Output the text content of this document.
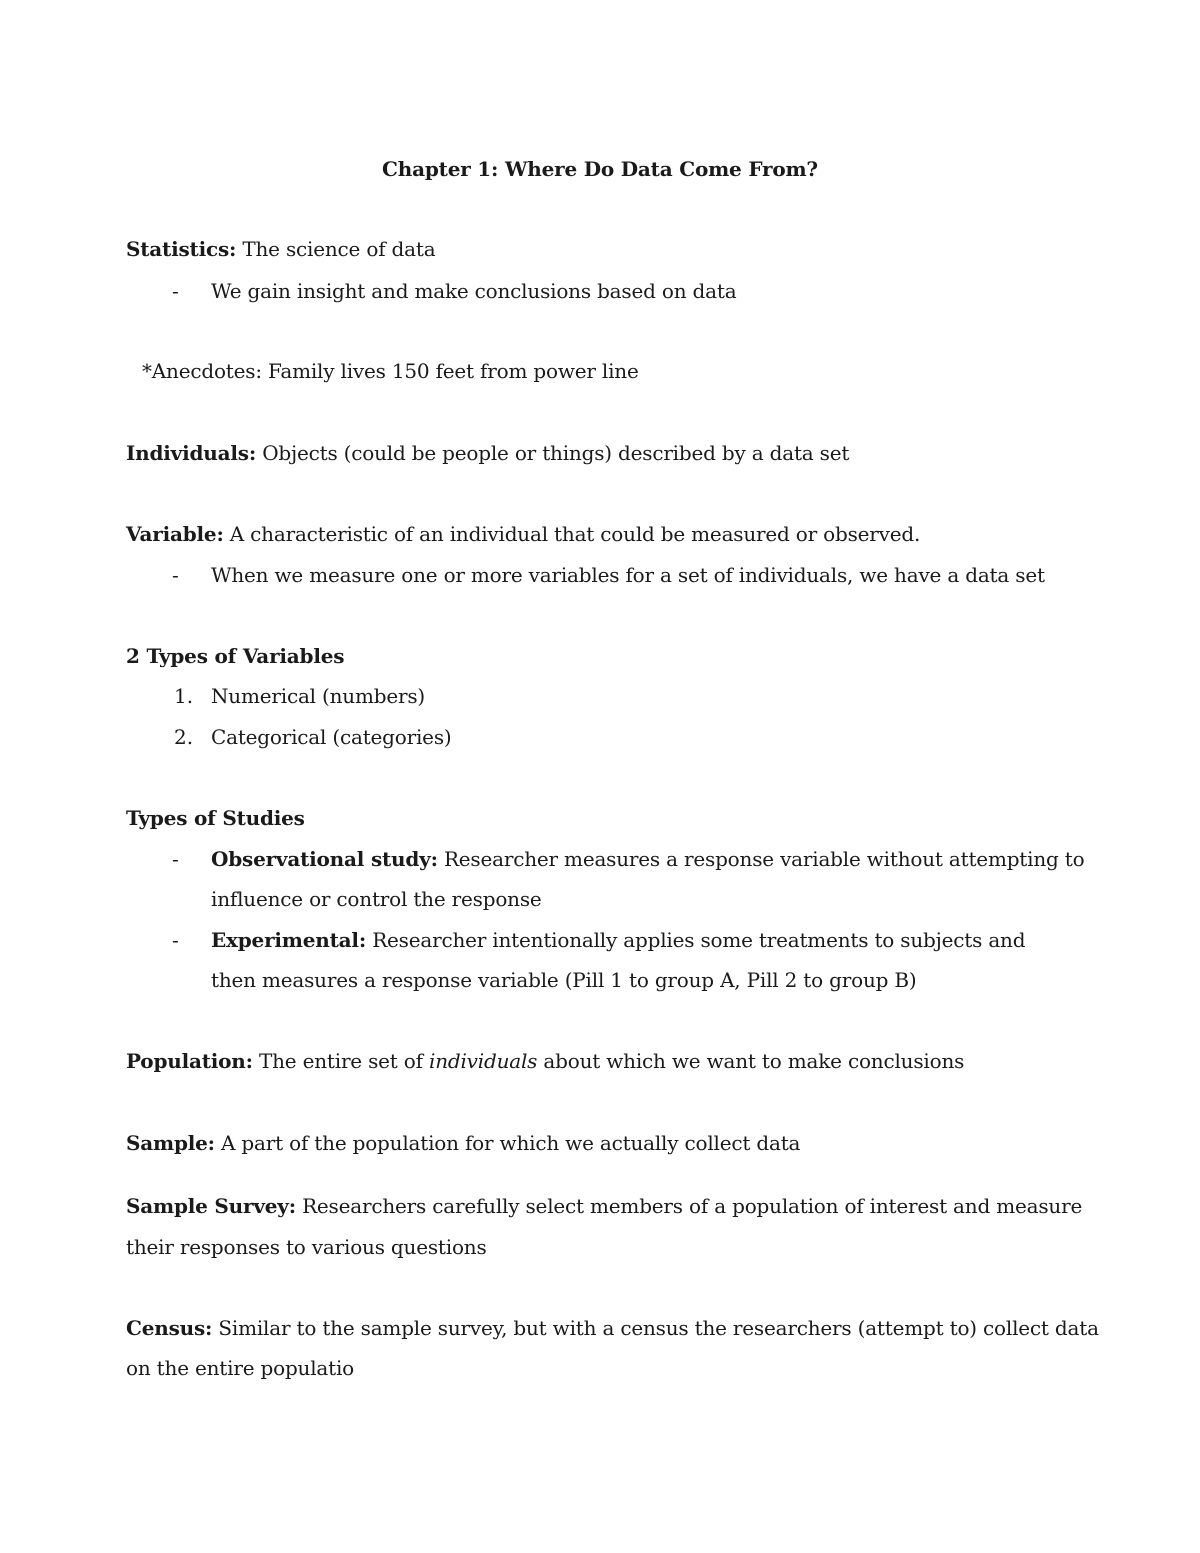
Chapter 1: Where Do Data Come From?
Statistics: The science of data
- We gain insight and make conclusions based on data
*Anecdotes: Family lives 150 feet from power line
Individuals: Objects (could be people or things) described by a data set
Variable: A characteristic of an individual that could be measured or observed.
- When we measure one or more variables for a set of individuals, we have a data set
2 Types of Variables
1. Numerical (numbers)
2. Categorical (categories)
Types of Studies
- Observational study: Researcher measures a response variable without attempting to
influence or control the response
- Experimental: Researcher intentionally applies some treatments to subjects and
then measures a response variable (Pill 1 to group A, Pill 2 to group B)
Population: The entire set of individuals about which we want to make conclusions
Sample: A part of the population for which we actually collect data
Sample Survey: Researchers carefully select members of a population of interest and measure
their responses to various questions
Census: Similar to the sample survey, but with a census the researchers (attempt to) collect data
on the entire populatio
